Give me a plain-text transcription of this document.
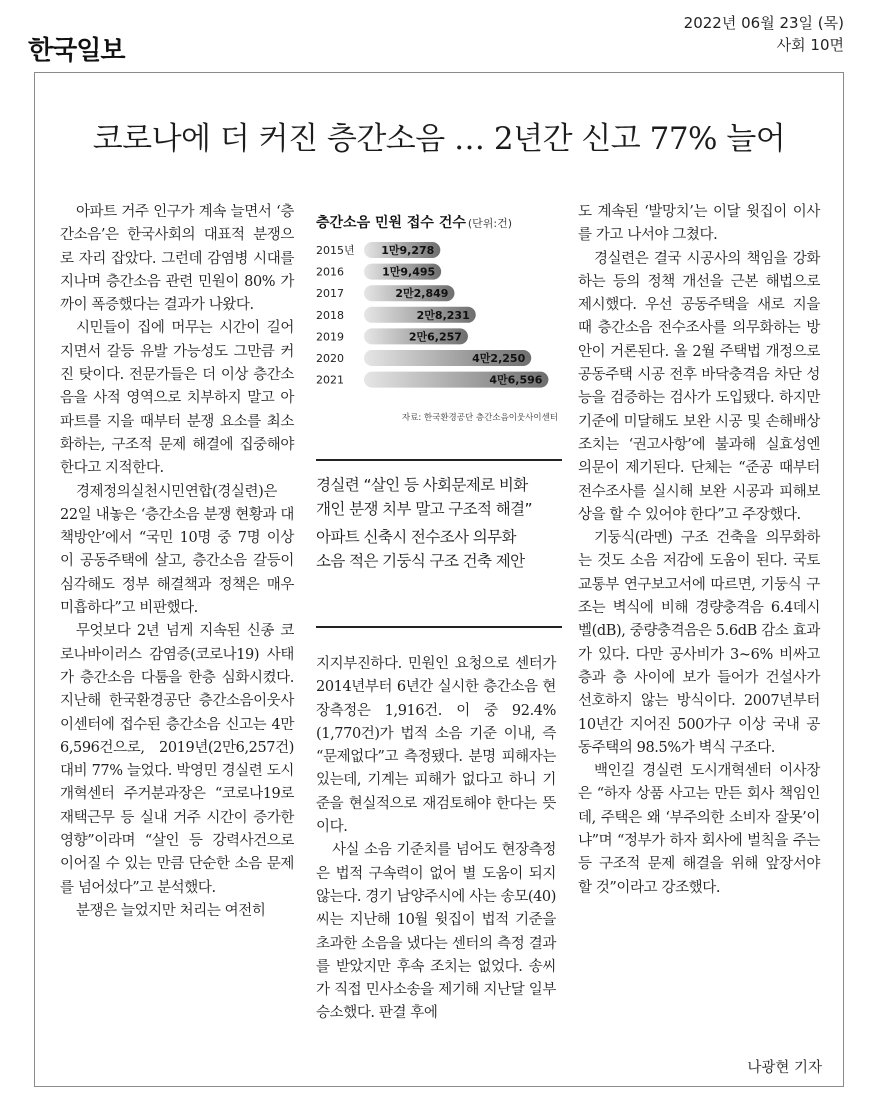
한국일보
2022년 06월 23일 (목)
사회 10면
코로나에 더 커진 층간소음 … 2년간 신고 77% 늘어

아파트 거주 인구가 계속 늘면서 ‘층간소음’은 한국사회의 대표적 분쟁으로 자리 잡았다. 그런데 감염병 시대를 지나며 층간소음 관련 민원이 80% 가까이 폭증했다는 결과가 나왔다.

시민들이 집에 머무는 시간이 길어지면서 갈등 유발 가능성도 그만큼 커진 탓이다. 전문가들은 더 이상 층간소음을 사적 영역으로 치부하지 말고 아파트를 지을 때부터 분쟁 요소를 최소화하는, 구조적 문제 해결에 집중해야 한다고 지적한다.

경제정의실천시민연합(경실련)은 22일 내놓은 ‘층간소음 분쟁 현황과 대책방안’에서 “국민 10명 중 7명 이상이 공동주택에 살고, 층간소음 갈등이 심각해도 정부 해결책과 정책은 매우 미흡하다”고 비판했다.

무엇보다 2년 넘게 지속된 신종 코로나바이러스 감염증(코로나19) 사태가 층간소음 다툼을 한층 심화시켰다. 지난해 한국환경공단 층간소음이웃사이센터에 접수된 층간소음 신고는 4만6,596건으로, 2019년(2만6,257건) 대비 77% 늘었다. 박영민 경실련 도시개혁센터 주거분과장은 “코로나19로 재택근무 등 실내 거주 시간이 증가한 영향”이라며 “살인 등 강력사건으로 이어질 수 있는 만큼 단순한 소음 문제를 넘어섰다”고 분석했다.

분쟁은 늘었지만 처리는 여전히

지지부진하다. 민원인 요청으로 센터가 2014년부터 6년간 실시한 층간소음 현장측정은 1,916건. 이 중 92.4%(1,770건)가 법적 소음 기준 이내, 즉 “문제없다”고 측정됐다. 분명 피해자는 있는데, 기계는 피해가 없다고 하니 기준을 현실적으로 재검토해야 한다는 뜻이다.

사실 소음 기준치를 넘어도 현장측정은 법적 구속력이 없어 별 도움이 되지 않는다. 경기 남양주시에 사는 송모(40)씨는 지난해 10월 윗집이 법적 기준을 초과한 소음을 냈다는 센터의 측정 결과를 받았지만 후속 조치는 없었다. 송씨가 직접 민사소송을 제기해 지난달 일부 승소했다. 판결 후에

도 계속된 ‘발망치’는 이달 윗집이 이사를 가고 나서야 그쳤다.

경실련은 결국 시공사의 책임을 강화하는 등의 정책 개선을 근본 해법으로 제시했다. 우선 공동주택을 새로 지을 때 층간소음 전수조사를 의무화하는 방안이 거론된다. 올 2월 주택법 개정으로 공동주택 시공 전후 바닥충격음 차단 성능을 검증하는 검사가 도입됐다. 하지만 기준에 미달해도 보완 시공 및 손해배상 조치는 ‘권고사항’에 불과해 실효성엔 의문이 제기된다. 단체는 “준공 때부터 전수조사를 실시해 보완 시공과 피해보상을 할 수 있어야 한다”고 주장했다.

기둥식(라멘) 구조 건축을 의무화하는 것도 소음 저감에 도움이 된다. 국토교통부 연구보고서에 따르면, 기둥식 구조는 벽식에 비해 경량충격음 6.4데시벨(dB), 중량충격음은 5.6dB 감소 효과가 있다. 다만 공사비가 3~6% 비싸고 층과 층 사이에 보가 들어가 건설사가 선호하지 않는 방식이다. 2007년부터 10년간 지어진 500가구 이상 국내 공동주택의 98.5%가 벽식 구조다.

백인길 경실련 도시개혁센터 이사장은 “하자 상품 사고는 만든 회사 책임인데, 주택은 왜 ‘부주의한 소비자 잘못’이냐”며 “정부가 하자 회사에 벌칙을 주는 등 구조적 문제 해결을 위해 앞장서야 할 것”이라고 강조했다.

층간소음 민원 접수 건수 (단위:건)
2015년 1만9,278
2016	1만9,495
2017	2만2,849
2018	2만8,231
2019	2만6,257
2020	4만2,250
2021	4만6,596
자료: 한국환경공단 층간소음이웃사이센터
경실련 “살인 등 사회문제로 비화
개인 분쟁 치부 말고 구조적 해결”
아파트 신축시 전수조사 의무화
소음 적은 기둥식 구조 건축 제안
나광현 기자
